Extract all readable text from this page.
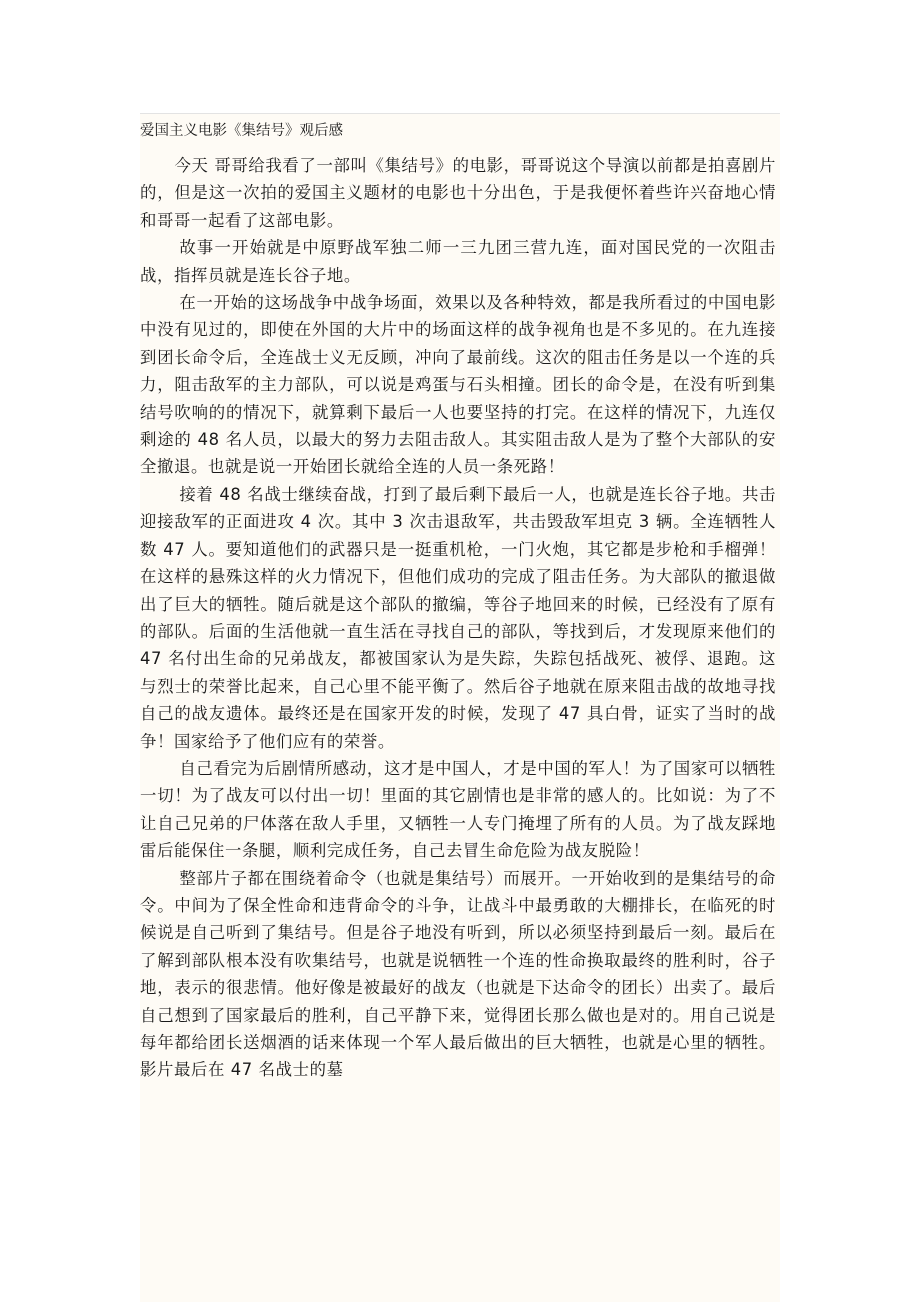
爱国主义电影《集结号》观后感

今天 哥哥给我看了一部叫《集结号》的电影，哥哥说这个导演以前都是拍喜剧片的，但是这一次拍的爱国主义题材的电影也十分出色，于是我便怀着些许兴奋地心情和哥哥一起看了这部电影。

故事一开始就是中原野战军独二师一三九团三营九连，面对国民党的一次阻击战，指挥员就是连长谷子地。

在一开始的这场战争中战争场面，效果以及各种特效，都是我所看过的中国电影中没有见过的，即使在外国的大片中的场面这样的战争视角也是不多见的。在九连接到团长命令后，全连战士义无反顾，冲向了最前线。这次的阻击任务是以一个连的兵力，阻击敌军的主力部队，可以说是鸡蛋与石头相撞。团长的命令是，在没有听到集结号吹响的的情况下，就算剩下最后一人也要坚持的打完。在这样的情况下，九连仅剩途的 48 名人员，以最大的努力去阻击敌人。其实阻击敌人是为了整个大部队的安全撤退。也就是说一开始团长就给全连的人员一条死路！

接着 48 名战士继续奋战，打到了最后剩下最后一人，也就是连长谷子地。共击迎接敌军的正面进攻 4 次。其中 3 次击退敌军，共击毁敌军坦克 3 辆。全连牺牲人数 47 人。要知道他们的武器只是一挺重机枪，一门火炮，其它都是步枪和手榴弹！在这样的悬殊这样的火力情况下，但他们成功的完成了阻击任务。为大部队的撤退做出了巨大的牺牲。随后就是这个部队的撤编，等谷子地回来的时候，已经没有了原有的部队。后面的生活他就一直生活在寻找自己的部队，等找到后，才发现原来他们的 47 名付出生命的兄弟战友，都被国家认为是失踪，失踪包括战死、被俘、退跑。这与烈士的荣誉比起来，自己心里不能平衡了。然后谷子地就在原来阻击战的故地寻找自己的战友遗体。最终还是在国家开发的时候，发现了 47 具白骨，证实了当时的战争！国家给予了他们应有的荣誉。

自己看完为后剧情所感动，这才是中国人，才是中国的军人！为了国家可以牺牲一切！为了战友可以付出一切！里面的其它剧情也是非常的感人的。比如说：为了不让自己兄弟的尸体落在敌人手里，又牺牲一人专门掩埋了所有的人员。为了战友踩地雷后能保住一条腿，顺利完成任务，自己去冒生命危险为战友脱险！

整部片子都在围绕着命令（也就是集结号）而展开。一开始收到的是集结号的命令。中间为了保全性命和违背命令的斗争，让战斗中最勇敢的大棚排长，在临死的时候说是自己听到了集结号。但是谷子地没有听到，所以必须坚持到最后一刻。最后在了解到部队根本没有吹集结号，也就是说牺牲一个连的性命换取最终的胜利时，谷子地，表示的很悲情。他好像是被最好的战友（也就是下达命令的团长）出卖了。最后自己想到了国家最后的胜利，自己平静下来，觉得团长那么做也是对的。用自己说是每年都给团长送烟酒的话来体现一个军人最后做出的巨大牺牲，也就是心里的牺牲。影片最后在 47 名战士的墓
